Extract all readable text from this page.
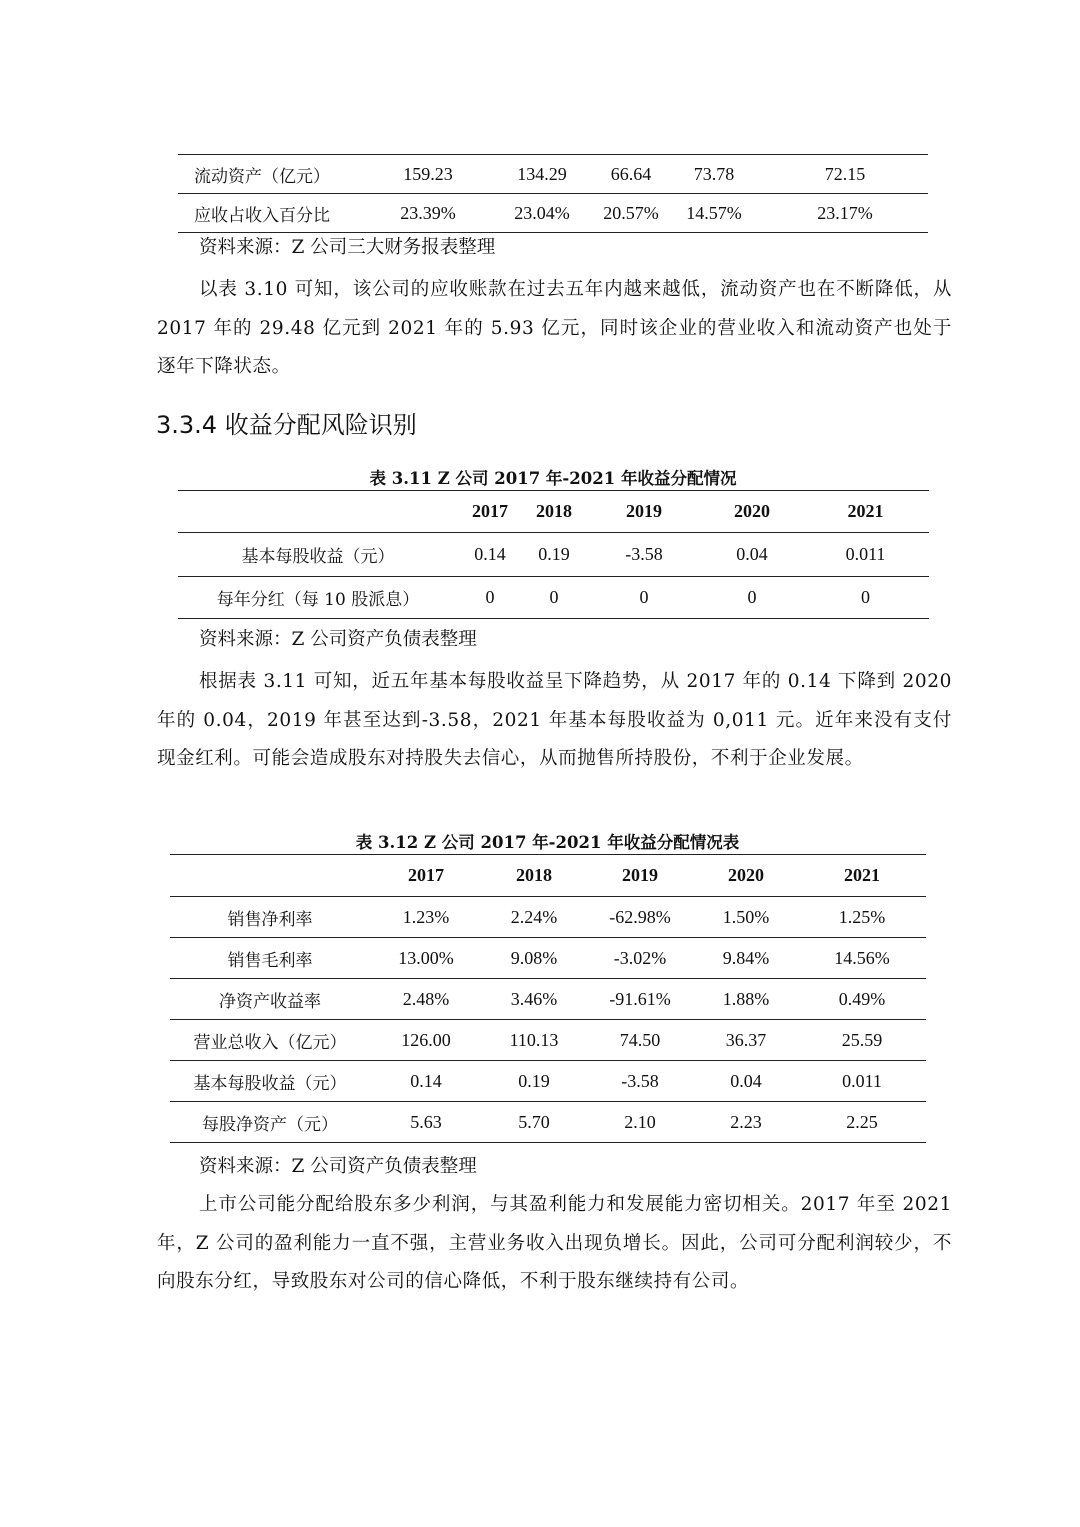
流动资产（亿元）	159.23	134.29	66.64	73.78	72.15
应收占收入百分比	23.39%	23.04%	20.57%	14.57%	23.17%
资料来源：Z 公司三大财务报表整理

以表 3.10 可知，该公司的应收账款在过去五年内越来越低，流动资产也在不断降低，从 2017 年的 29.48 亿元到 2021 年的 5.93 亿元，同时该企业的营业收入和流动资产也处于逐年下降状态。

3.3.4 收益分配风险识别
表 3.11 Z 公司 2017 年-2021 年收益分配情况
	2017	2018	2019	2020	2021
基本每股收益（元）	0.14	0.19	-3.58	0.04	0.011
每年分红（每 10 股派息）	0	0	0	0	0
资料来源：Z 公司资产负债表整理

根据表 3.11 可知，近五年基本每股收益呈下降趋势，从 2017 年的 0.14 下降到 2020 年的 0.04，2019 年甚至达到-3.58，2021 年基本每股收益为 0,011 元。近年来没有支付现金红利。可能会造成股东对持股失去信心，从而抛售所持股份，不利于企业发展。

表 3.12 Z 公司 2017 年-2021 年收益分配情况表
	2017	2018	2019	2020	2021
销售净利率	1.23%	2.24%	-62.98%	1.50%	1.25%
销售毛利率	13.00%	9.08%	-3.02%	9.84%	14.56%
净资产收益率	2.48%	3.46%	-91.61%	1.88%	0.49%
营业总收入（亿元）	126.00	110.13	74.50	36.37	25.59
基本每股收益（元）	0.14	0.19	-3.58	0.04	0.011
每股净资产（元）	5.63	5.70	2.10	2.23	2.25
资料来源：Z 公司资产负债表整理

上市公司能分配给股东多少利润，与其盈利能力和发展能力密切相关。2017 年至 2021 年，Z 公司的盈利能力一直不强，主营业务收入出现负增长。因此，公司可分配利润较少，不向股东分红，导致股东对公司的信心降低，不利于股东继续持有公司。
